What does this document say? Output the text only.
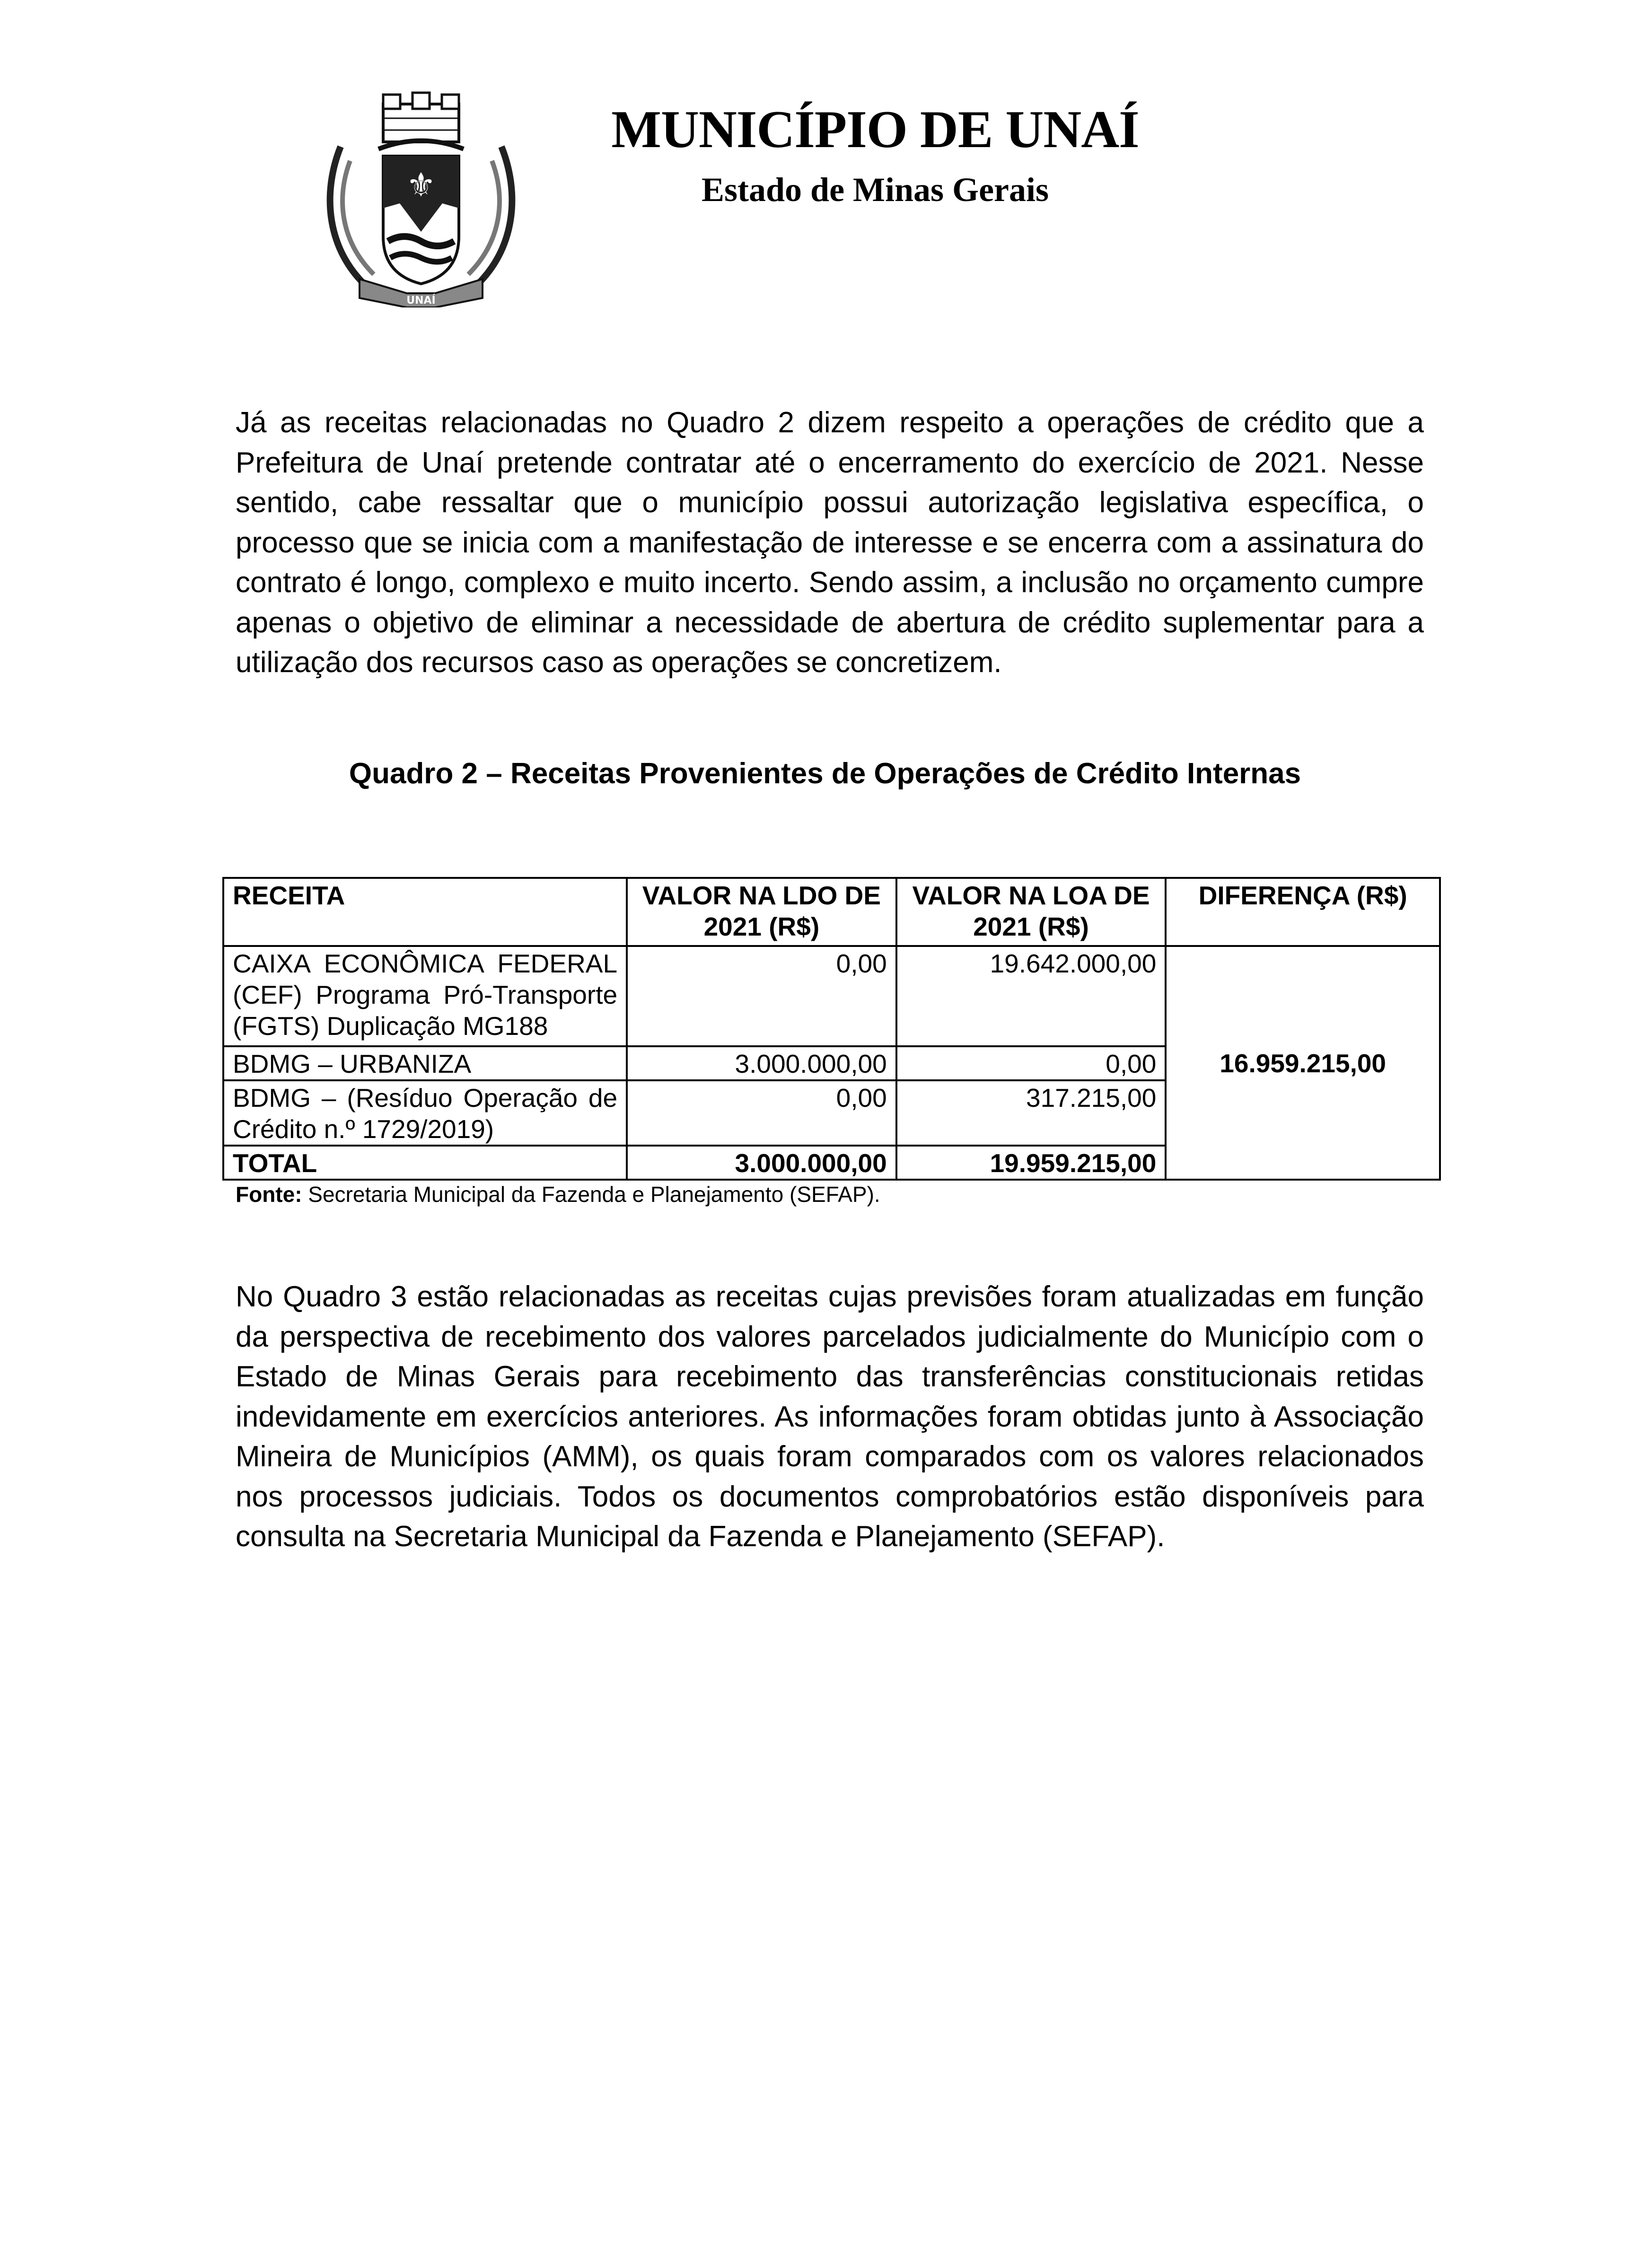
⚜
UNAÍ
MUNICÍPIO DE UNAÍ
Estado de Minas Gerais

Já as receitas relacionadas no Quadro 2 dizem respeito a operações de crédito que a Prefeitura de Unaí pretende contratar até o encerramento do exercício de 2021. Nesse sentido, cabe ressaltar que o município possui autorização legislativa específica, o processo que se inicia com a manifestação de interesse e se encerra com a assinatura do contrato é longo, complexo e muito incerto. Sendo assim, a inclusão no orçamento cumpre apenas o objetivo de eliminar a necessidade de abertura de crédito suplementar para a utilização dos recursos caso as operações se concretizem.

Quadro 2 – Receitas Provenientes de Operações de Crédito Internas
RECEITA	VALOR NA LDO DE 2021 (R$)	VALOR NA LOA DE 2021 (R$)	DIFERENÇA (R$)
CAIXA ECONÔMICA FEDERAL (CEF) Programa Pró-Transporte (FGTS) Duplicação MG188	0,00	19.642.000,00	16.959.215,00
BDMG – URBANIZA	3.000.000,00	0,00	
BDMG – (Resíduo Operação de Crédito n.º 1729/2019)	0,00	317.215,00	
TOTAL	3.000.000,00	19.959.215,00	
Fonte: Secretaria Municipal da Fazenda e Planejamento (SEFAP).

No Quadro 3 estão relacionadas as receitas cujas previsões foram atualizadas em função da perspectiva de recebimento dos valores parcelados judicialmente do Município com o Estado de Minas Gerais para recebimento das transferências constitucionais retidas indevidamente em exercícios anteriores. As informações foram obtidas junto à Associação Mineira de Municípios (AMM), os quais foram comparados com os valores relacionados nos processos judiciais. Todos os documentos comprobatórios estão disponíveis para consulta na Secretaria Municipal da Fazenda e Planejamento (SEFAP).
